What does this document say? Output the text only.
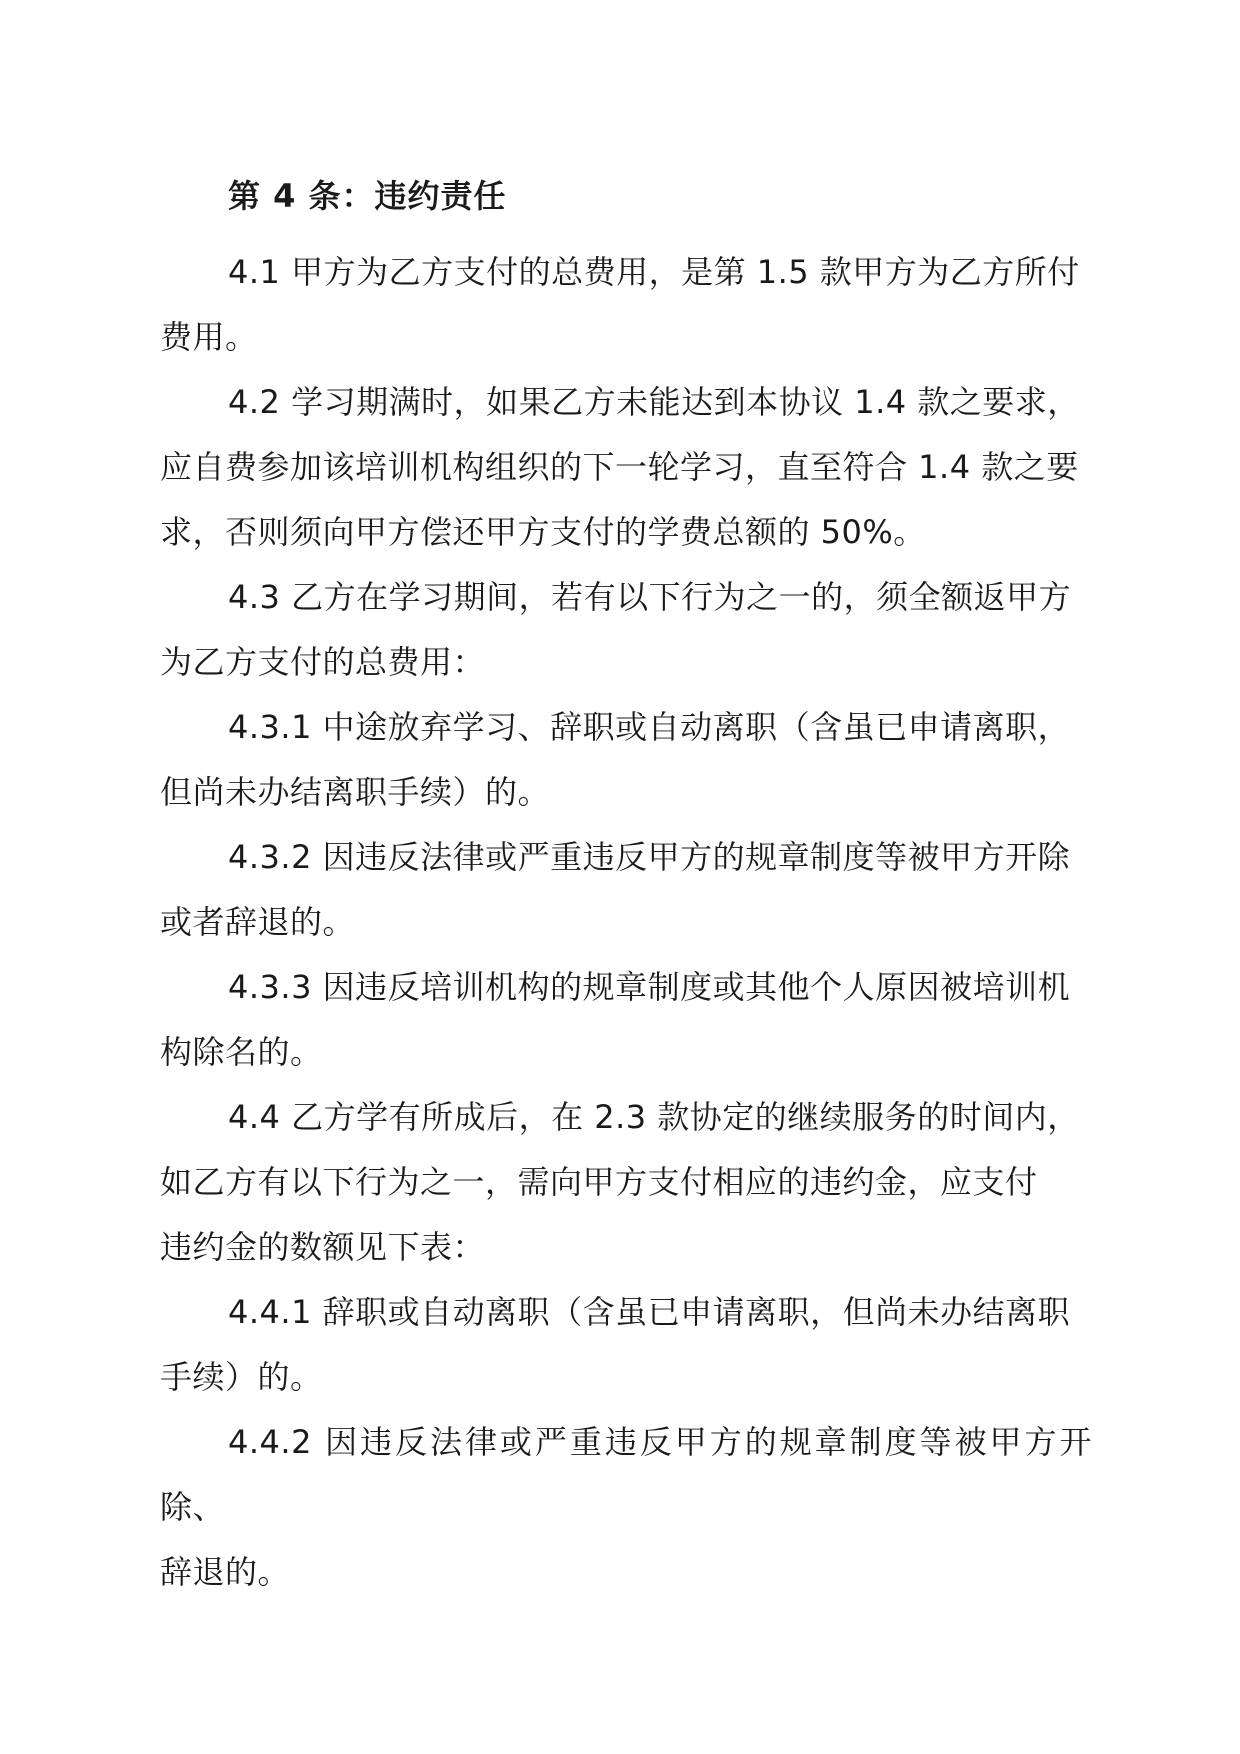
第 4 条：违约责任

4.1 甲方为乙方支付的总费用，是第 1.5 款甲方为乙方所付
费用。

4.2 学习期满时，如果乙方未能达到本协议 1.4 款之要求，
应自费参加该培训机构组织的下一轮学习，直至符合 1.4 款之要
求，否则须向甲方偿还甲方支付的学费总额的 50%。

4.3 乙方在学习期间，若有以下行为之一的，须全额返甲方
为乙方支付的总费用：

4.3.1 中途放弃学习、辞职或自动离职（含虽已申请离职，
但尚未办结离职手续）的。

4.3.2 因违反法律或严重违反甲方的规章制度等被甲方开除
或者辞退的。

4.3.3 因违反培训机构的规章制度或其他个人原因被培训机
构除名的。

4.4 乙方学有所成后，在 2.3 款协定的继续服务的时间内，
如乙方有以下行为之一，需向甲方支付相应的违约金，应支付
违约金的数额见下表：

4.4.1 辞职或自动离职（含虽已申请离职，但尚未办结离职
手续）的。

4.4.2 因违反法律或严重违反甲方的规章制度等被甲方开除、
辞退的。
